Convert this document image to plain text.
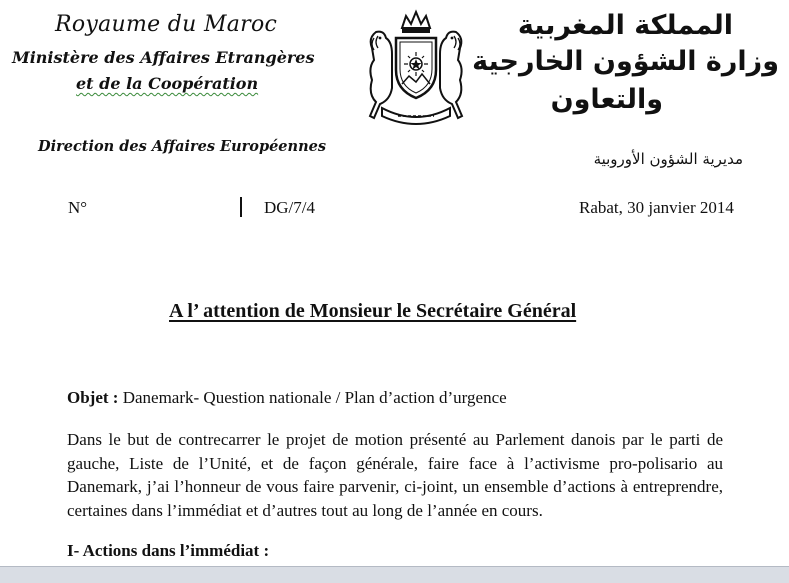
Royaume du Maroc
Ministère des Affaires Etrangères
et de la Coopération
Direction des Affaires Européennes
المملكة المغربية
وزارة الشؤون الخارجية
والتعاون
مديرية الشؤون الأوروبية
N°	DG/7/4	Rabat, 30 janvier 2014
A l’ attention de Monsieur le Secrétaire Général
Objet : Danemark- Question nationale / Plan d’action d’urgence
Dans le but de contrecarrer le projet de motion présenté au Parlement danois par le parti de gauche, Liste de l’Unité, et de façon générale, faire face à l’activisme pro-polisario au Danemark, j’ai l’honneur de vous faire parvenir, ci-joint, un ensemble d’actions à entreprendre, certaines dans l’immédiat et d’autres tout au long de l’année en cours.
I- Actions dans l’immédiat :
